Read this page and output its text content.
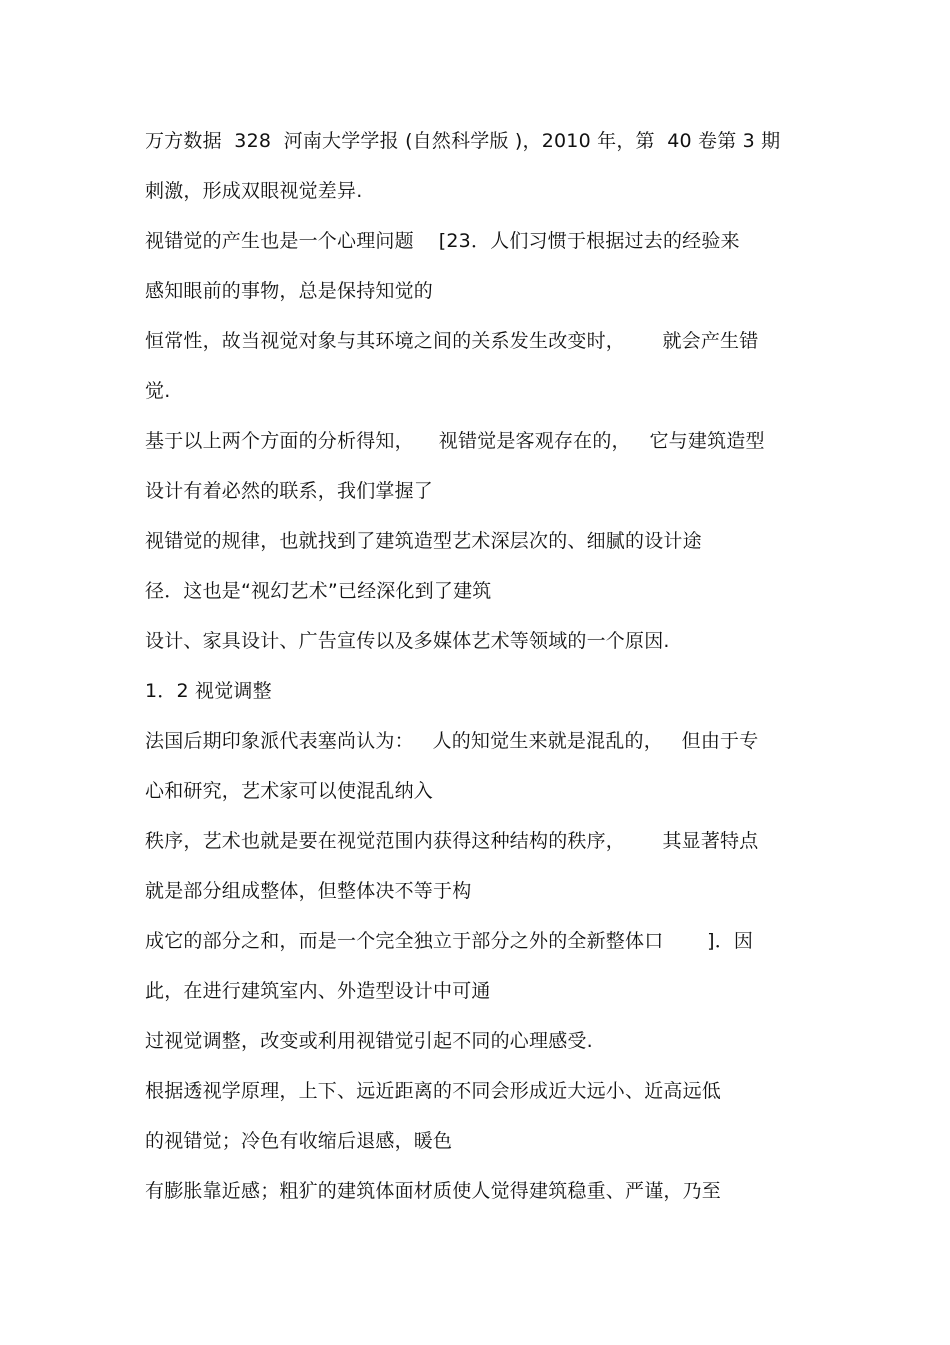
万方数据  328  河南大学学报 (自然科学版 )，2010 年，第  40 卷第 3 期
刺激，形成双眼视觉差异.
视错觉的产生也是一个心理问题    [23．人们习惯于根据过去的经验来
感知眼前的事物，总是保持知觉的
恒常性，故当视觉对象与其环境之间的关系发生改变时，      就会产生错
觉.
基于以上两个方面的分析得知，    视错觉是客观存在的，   它与建筑造型
设计有着必然的联系，我们掌握了
视错觉的规律，也就找到了建筑造型艺术深层次的、细腻的设计途
径．这也是“视幻艺术”已经深化到了建筑
设计、家具设计、广告宣传以及多媒体艺术等领域的一个原因.
1．2 视觉调整
法国后期印象派代表塞尚认为：   人的知觉生来就是混乱的，   但由于专
心和研究，艺术家可以使混乱纳入
秩序，艺术也就是要在视觉范围内获得这种结构的秩序，      其显著特点
就是部分组成整体，但整体决不等于构
成它的部分之和，而是一个完全独立于部分之外的全新整体口       ]．因
此，在进行建筑室内、外造型设计中可通
过视觉调整，改变或利用视错觉引起不同的心理感受.
根据透视学原理，上下、远近距离的不同会形成近大远小、近高远低
的视错觉；冷色有收缩后退感，暖色
有膨胀靠近感；粗犷的建筑体面材质使人觉得建筑稳重、严谨，乃至
